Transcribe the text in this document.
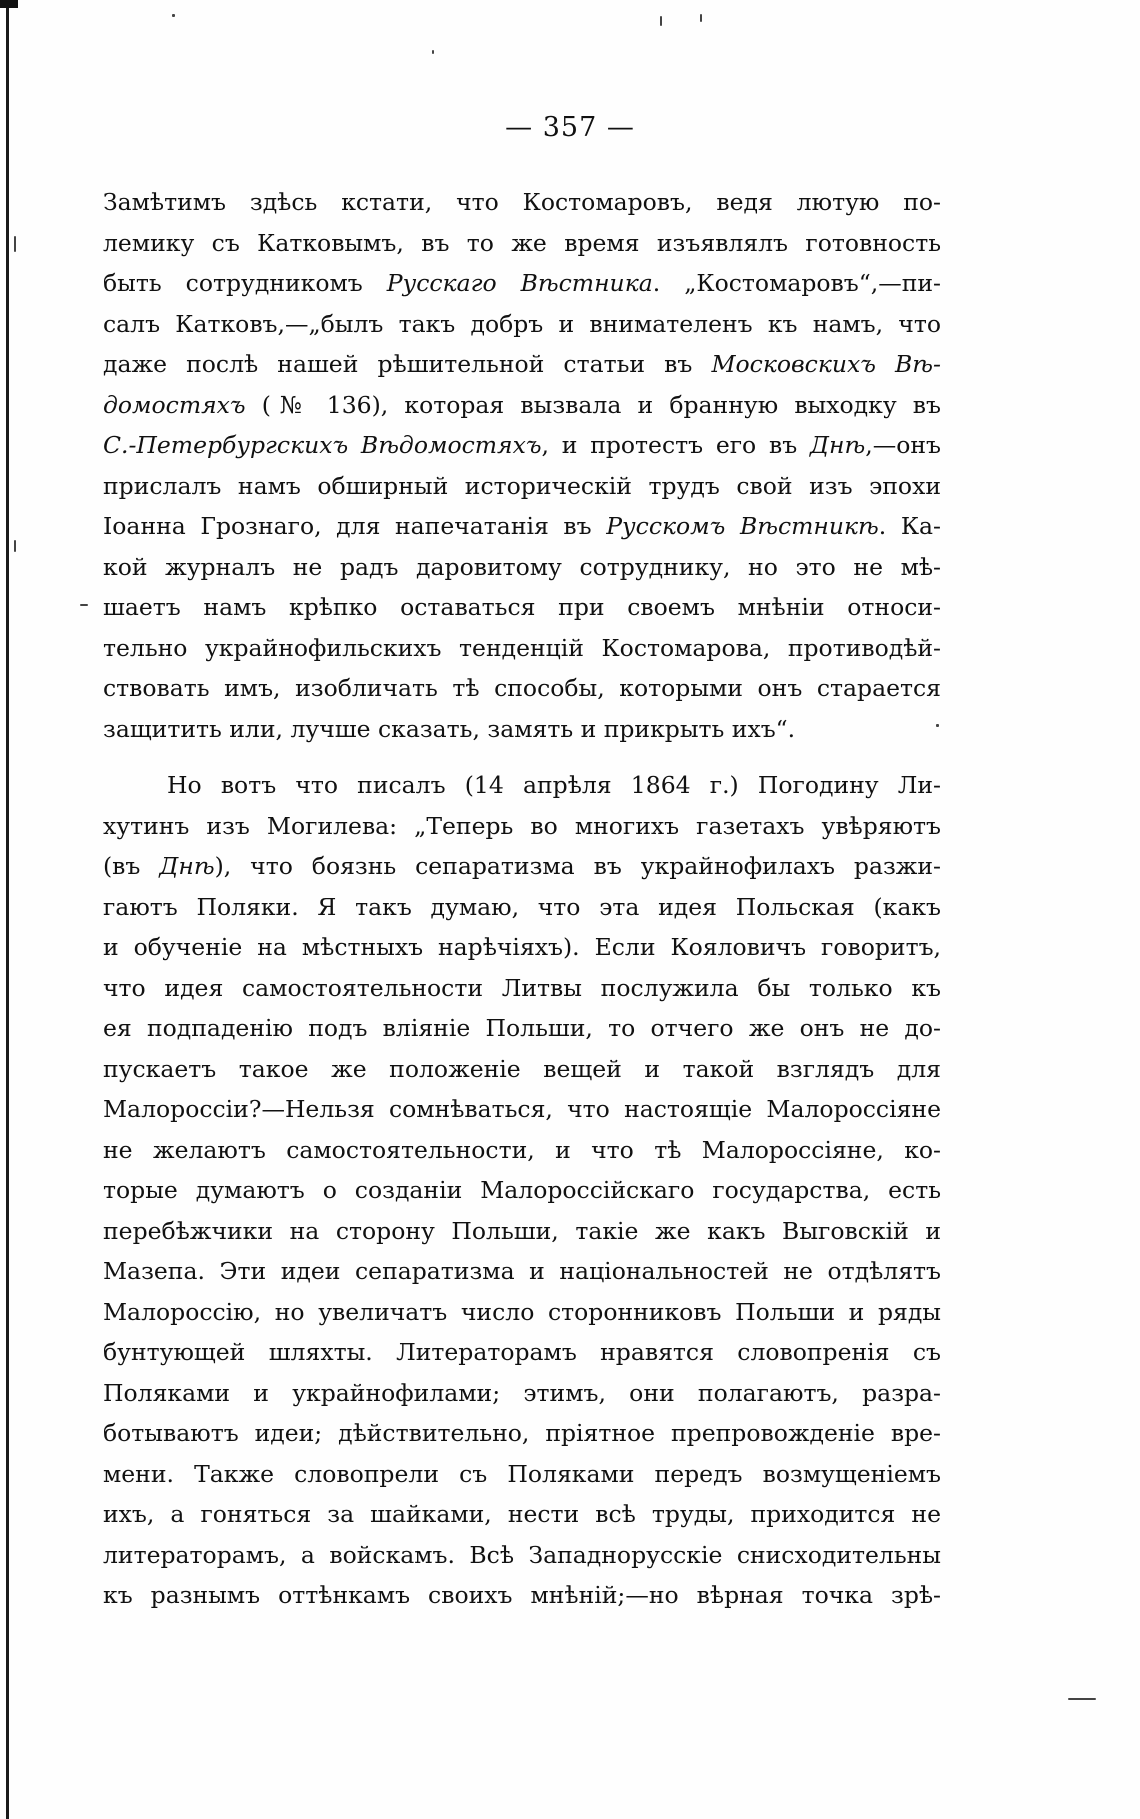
— 357 —
Замѣтимъ здѣсь кстати, что Костомаровъ, ведя лютую по-
лемику съ Катковымъ, въ то же время изъявлялъ готовность
быть сотрудникомъ Русскаго Вѣстника. „Костомаровъ“,—пи-
салъ Катковъ,—„былъ такъ добръ и внимателенъ къ намъ, что
даже послѣ нашей рѣшительной статьи въ Московскихъ Вѣ-
домостяхъ (№ 136), которая вызвала и бранную выходку въ
С.-Петербургскихъ Вѣдомостяхъ, и протестъ его въ Днѣ,—онъ
прислалъ намъ обширный историческій трудъ свой изъ эпохи
Іоанна Грознаго, для напечатанія въ Русскомъ Вѣстникѣ. Ка-
кой журналъ не радъ даровитому сотруднику, но это не мѣ-
шаетъ намъ крѣпко оставаться при своемъ мнѣніи относи-
тельно украйнофильскихъ тенденцій Костомарова, противодѣй-
ствовать имъ, изобличать тѣ способы, которыми онъ старается
защитить или, лучше сказать, замять и прикрыть ихъ“.
Но вотъ что писалъ (14 апрѣля 1864 г.) Погодину Ли-
хутинъ изъ Могилева: „Теперь во многихъ газетахъ увѣряютъ
(въ Днѣ), что боязнь сепаратизма въ украйнофилахъ разжи-
гаютъ Поляки. Я такъ думаю, что эта идея Польская (какъ
и обученіе на мѣстныхъ нарѣчіяхъ). Если Кояловичъ говоритъ,
что идея самостоятельности Литвы послужила бы только къ
ея подпаденію подъ вліяніе Польши, то отчего же онъ не до-
пускаетъ такое же положеніе вещей и такой взглядъ для
Малороссіи?—Нельзя сомнѣваться, что настоящіе Малороссіяне
не желаютъ самостоятельности, и что тѣ Малороссіяне, ко-
торые думаютъ о созданіи Малороссійскаго государства, есть
перебѣжчики на сторону Польши, такіе же какъ Выговскій и
Мазепа. Эти идеи сепаратизма и національностей не отдѣлятъ
Малороссію, но увеличатъ число сторонниковъ Польши и ряды
бунтующей шляхты. Литераторамъ нравятся словопренія съ
Поляками и украйнофилами; этимъ, они полагаютъ, разра-
ботываютъ идеи; дѣйствительно, пріятное препровожденіе вре-
мени. Также словопрели съ Поляками передъ возмущеніемъ
ихъ, а гоняться за шайками, нести всѣ труды, приходится не
литераторамъ, а войскамъ. Всѣ Западнорусскіе снисходительны
къ разнымъ оттѣнкамъ своихъ мнѣній;—но вѣрная точка зрѣ-
